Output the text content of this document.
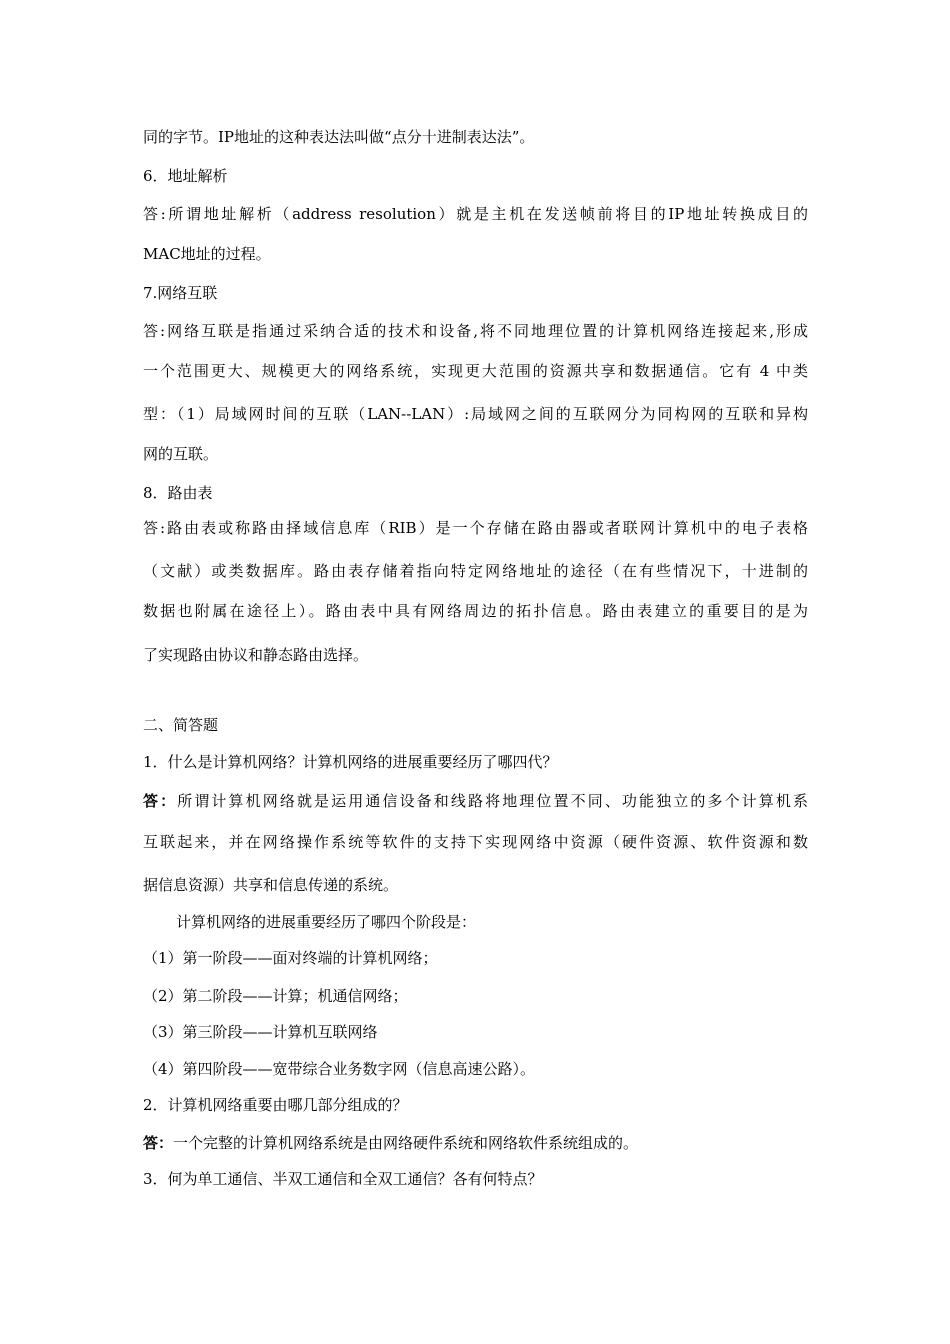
同的字节。IP地址的这种表达法叫做“点分十进制表达法”。
6．地址解析
答:所谓地址解析（address resolution）就是主机在发送帧前将目的IP地址转换成目的
MAC地址的过程。
7.网络互联
答:网络互联是指通过采纳合适的技术和设备,将不同地理位置的计算机网络连接起来,形成
一个范围更大、规模更大的网络系统，实现更大范围的资源共享和数据通信。它有 4 中类
型：（1）局域网时间的互联（LAN--LAN）:局域网之间的互联网分为同构网的互联和异构
网的互联。
8．路由表
答:路由表或称路由择域信息库（RIB）是一个存储在路由器或者联网计算机中的电子表格
（文献）或类数据库。路由表存储着指向特定网络地址的途径（在有些情况下，十进制的
数据也附属在途径上）。路由表中具有网络周边的拓扑信息。路由表建立的重要目的是为
了实现路由协议和静态路由选择。
二、简答题
1．什么是计算机网络？计算机网络的进展重要经历了哪四代？
答：所谓计算机网络就是运用通信设备和线路将地理位置不同、功能独立的多个计算机系
互联起来，并在网络操作系统等软件的支持下实现网络中资源（硬件资源、软件资源和数
据信息资源）共享和信息传递的系统。
计算机网络的进展重要经历了哪四个阶段是：
（1）第一阶段——面对终端的计算机网络；
（2）第二阶段——计算；机通信网络；
（3）第三阶段——计算机互联网络
（4）第四阶段——宽带综合业务数字网（信息高速公路）。
2．计算机网络重要由哪几部分组成的？
答：一个完整的计算机网络系统是由网络硬件系统和网络软件系统组成的。
3．何为单工通信、半双工通信和全双工通信？各有何特点？
